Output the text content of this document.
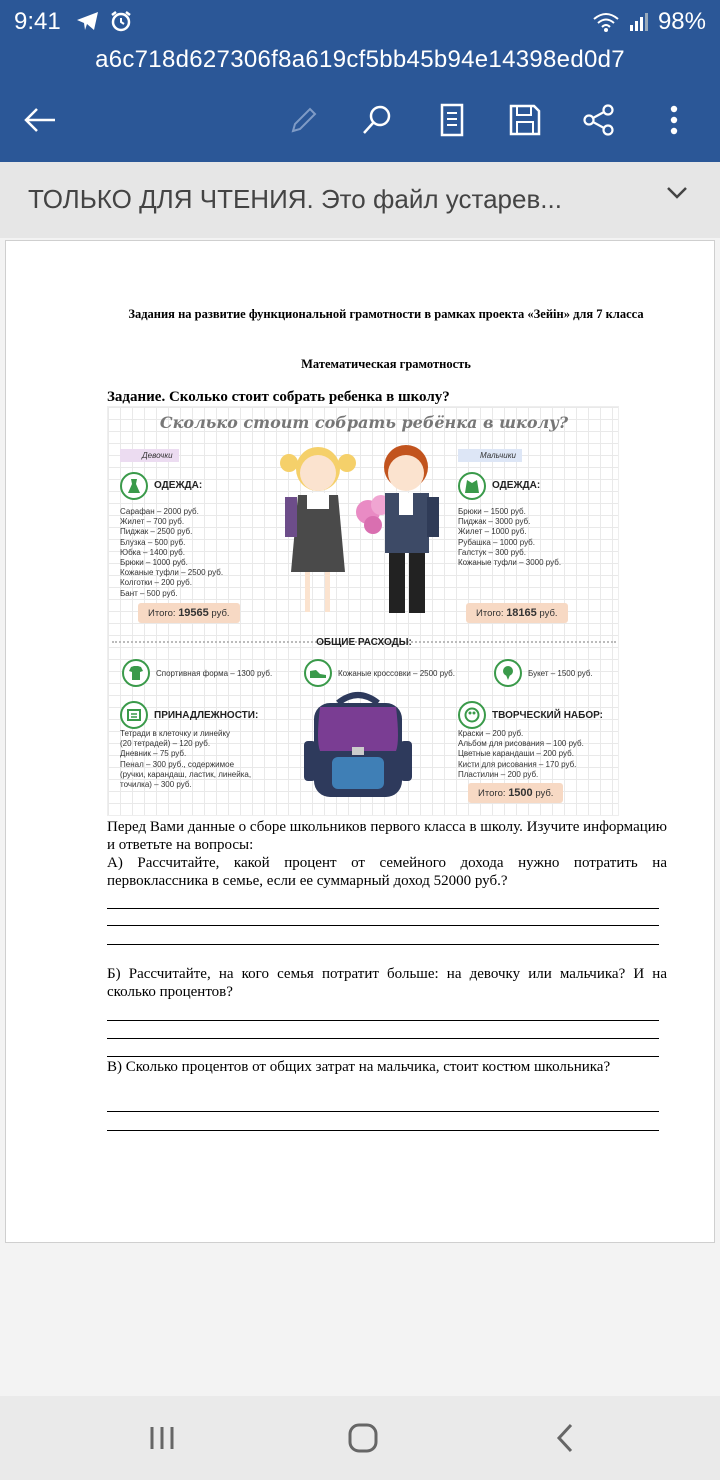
9:41	98%
a6c718d627306f8a619cf5bb45b94e14398ed0d7
ТОЛЬКО ДЛЯ ЧТЕНИЯ. Это файл устарев...
Задания на развитие функциональной грамотности в рамках проекта «Зейін» для 7 класса
Математическая грамотность
Задание. Сколько стоит собрать ребенка в школу?
Сколько стоит собрать ребёнка в школу?
Девочки	Мальчики
ОДЕЖДА:
Сарафан – 2000 руб.
Жилет – 700 руб.
Пиджак – 2500 руб.
Блузка – 500 руб.
Юбка – 1400 руб.
Брюки – 1000 руб.
Кожаные туфли – 2500 руб.
Колготки – 200 руб.
Бант – 500 руб.
ОДЕЖДА:
Брюки – 1500 руб.
Пиджак – 3000 руб.
Жилет – 1000 руб.
Рубашка – 1000 руб.
Галстук – 300 руб.
Кожаные туфли – 3000 руб.
Итого: 19565 руб.	Итого: 18165 руб.
ОБЩИЕ РАСХОДЫ:
Спортивная форма – 1300 руб.	Кожаные кроссовки – 2500 руб.	Букет – 1500 руб.
ПРИНАДЛЕЖНОСТИ:
Тетради в клеточку и линейку
(20 тетрадей) – 120 руб.
Дневник – 75 руб.
Пенал – 300 руб., содержимое
(ручки, карандаш, ластик, линейка,
точилка) – 300 руб.
ТВОРЧЕСКИЙ НАБОР:
Краски – 200 руб.
Альбом для рисования – 100 руб.
Цветные карандаши – 200 руб.
Кисти для рисования – 170 руб.
Пластилин – 200 руб.
Итого: 1500 руб.
Перед Вами данные о сборе школьников первого класса в школу. Изучите информацию и ответьте на вопросы:
А) Рассчитайте, какой процент от семейного дохода нужно потратить на первоклассника в семье, если ее суммарный доход 52000 руб.?
Б) Рассчитайте, на кого семья потратит больше: на девочку или мальчика? И на сколько процентов?
В) Сколько процентов от общих затрат на мальчика, стоит костюм школьника?
